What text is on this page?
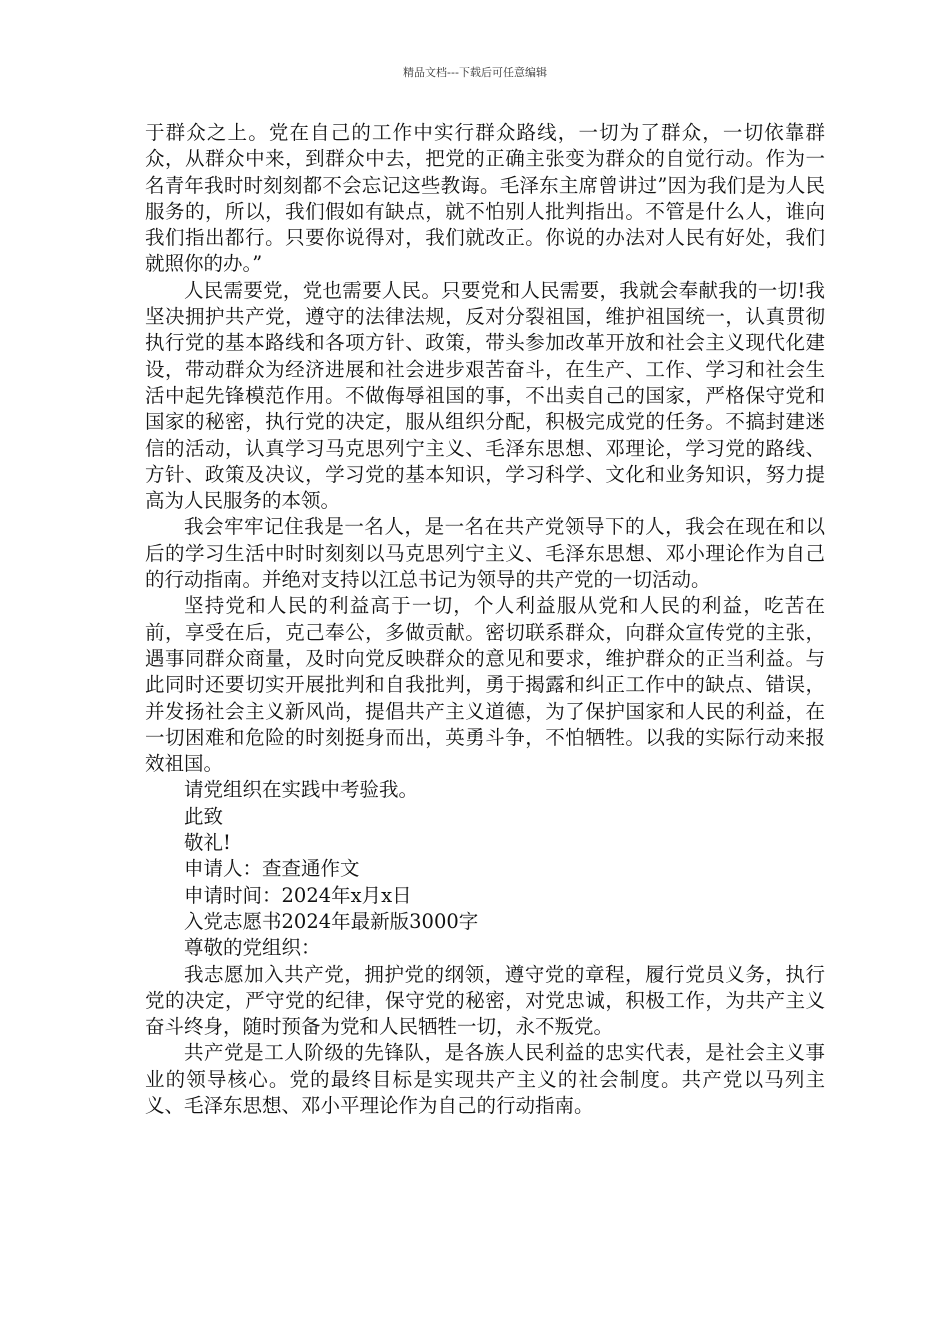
精品文档---下载后可任意编辑

于群众之上。党在自己的工作中实行群众路线，一切为了群众，一切依靠群众，从群众中来，到群众中去，把党的正确主张变为群众的自觉行动。作为一名青年我时时刻刻都不会忘记这些教诲。毛泽东主席曾讲过”因为我们是为人民服务的，所以，我们假如有缺点，就不怕别人批判指出。不管是什么人，谁向我们指出都行。只要你说得对，我们就改正。你说的办法对人民有好处，我们就照你的办。”

人民需要党，党也需要人民。只要党和人民需要，我就会奉献我的一切!我坚决拥护共产党，遵守的法律法规，反对分裂祖国，维护祖国统一，认真贯彻执行党的基本路线和各项方针、政策，带头参加改革开放和社会主义现代化建设，带动群众为经济进展和社会进步艰苦奋斗，在生产、工作、学习和社会生活中起先锋模范作用。不做侮辱祖国的事，不出卖自己的国家，严格保守党和国家的秘密，执行党的决定，服从组织分配，积极完成党的任务。不搞封建迷信的活动，认真学习马克思列宁主义、毛泽东思想、邓理论，学习党的路线、方针、政策及决议，学习党的基本知识，学习科学、文化和业务知识，努力提高为人民服务的本领。

我会牢牢记住我是一名人，是一名在共产党领导下的人，我会在现在和以后的学习生活中时时刻刻以马克思列宁主义、毛泽东思想、邓小理论作为自己的行动指南。并绝对支持以江总书记为领导的共产党的一切活动。

坚持党和人民的利益高于一切，个人利益服从党和人民的利益，吃苦在前，享受在后，克己奉公，多做贡献。密切联系群众，向群众宣传党的主张，遇事同群众商量，及时向党反映群众的意见和要求，维护群众的正当利益。与此同时还要切实开展批判和自我批判，勇于揭露和纠正工作中的缺点、错误，并发扬社会主义新风尚，提倡共产主义道德，为了保护国家和人民的利益，在一切困难和危险的时刻挺身而出，英勇斗争，不怕牺牲。以我的实际行动来报效祖国。

请党组织在实践中考验我。

此致

敬礼!

申请人：查查通作文

申请时间：2024年x月x日

入党志愿书2024年最新版3000字

尊敬的党组织：

我志愿加入共产党，拥护党的纲领，遵守党的章程，履行党员义务，执行党的决定，严守党的纪律，保守党的秘密，对党忠诚，积极工作，为共产主义奋斗终身，随时预备为党和人民牺牲一切，永不叛党。

共产党是工人阶级的先锋队，是各族人民利益的忠实代表，是社会主义事业的领导核心。党的最终目标是实现共产主义的社会制度。共产党以马列主义、毛泽东思想、邓小平理论作为自己的行动指南。
